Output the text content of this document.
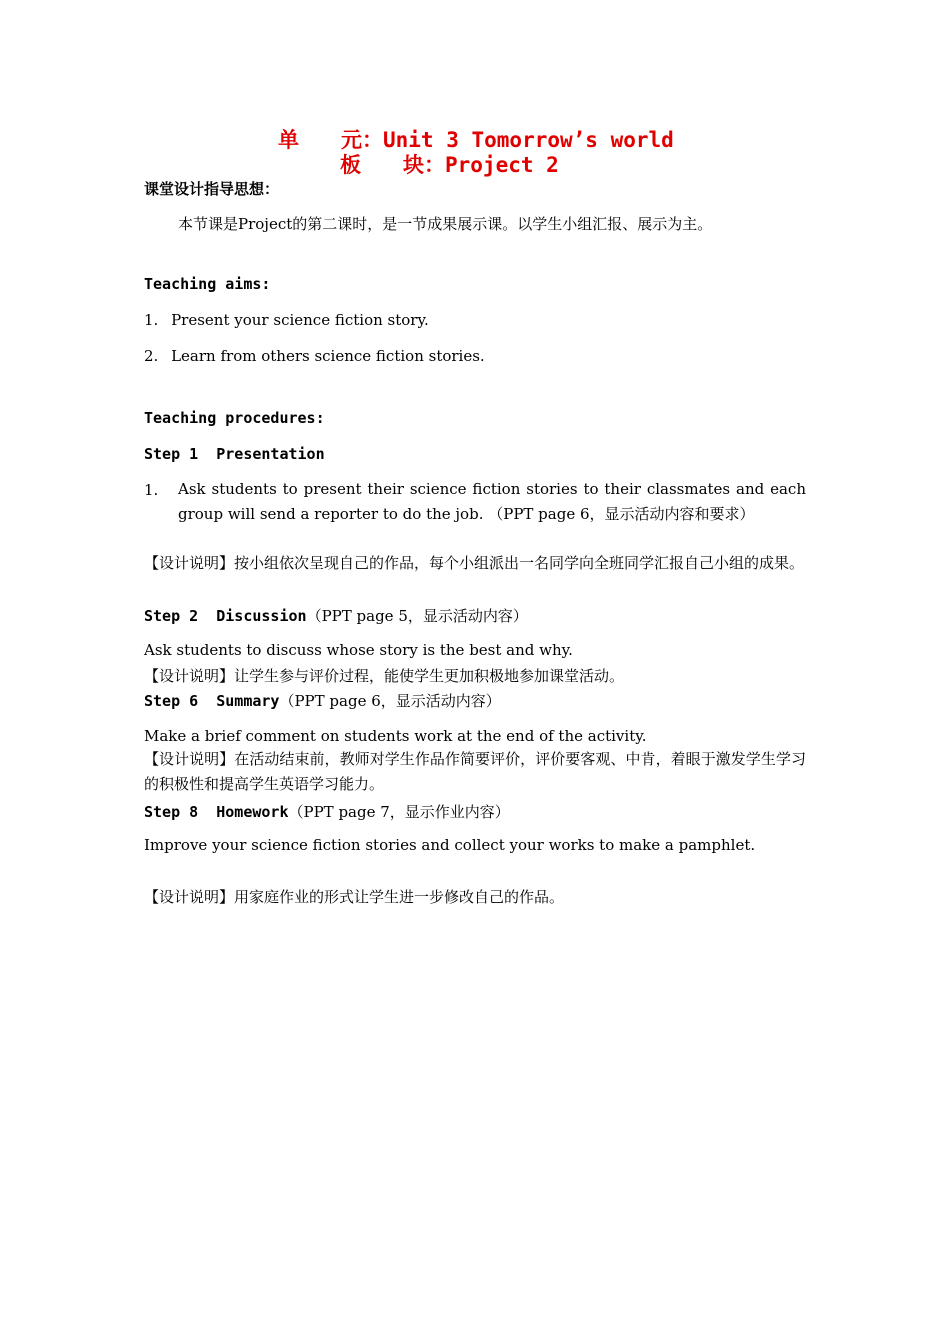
单　　元：Unit 3 Tomorrow’s world
板　　块：Project 2
课堂设计指导思想：
本节课是Project的第二课时，是一节成果展示课。以学生小组汇报、展示为主。
Teaching aims:
1. Present your science fiction story.
2. Learn from others science fiction stories.
Teaching procedures:
Step 1  Presentation
1. Ask students to present their science fiction stories to their classmates and each group will send a reporter to do the job. （PPT page 6，显示活动内容和要求）
【设计说明】按小组依次呈现自己的作品，每个小组派出一名同学向全班同学汇报自己小组的成果。
Step 2  Discussion（PPT page 5，显示活动内容）
Ask students to discuss whose story is the best and why.
【设计说明】让学生参与评价过程，能使学生更加积极地参加课堂活动。
Step 6  Summary（PPT page 6，显示活动内容）
Make a brief comment on students work at the end of the activity.
【设计说明】在活动结束前，教师对学生作品作简要评价，评价要客观、中肯，着眼于激发学生学习的积极性和提高学生英语学习能力。
Step 8  Homework（PPT page 7，显示作业内容）
Improve your science fiction stories and collect your works to make a pamphlet.
【设计说明】用家庭作业的形式让学生进一步修改自己的作品。
